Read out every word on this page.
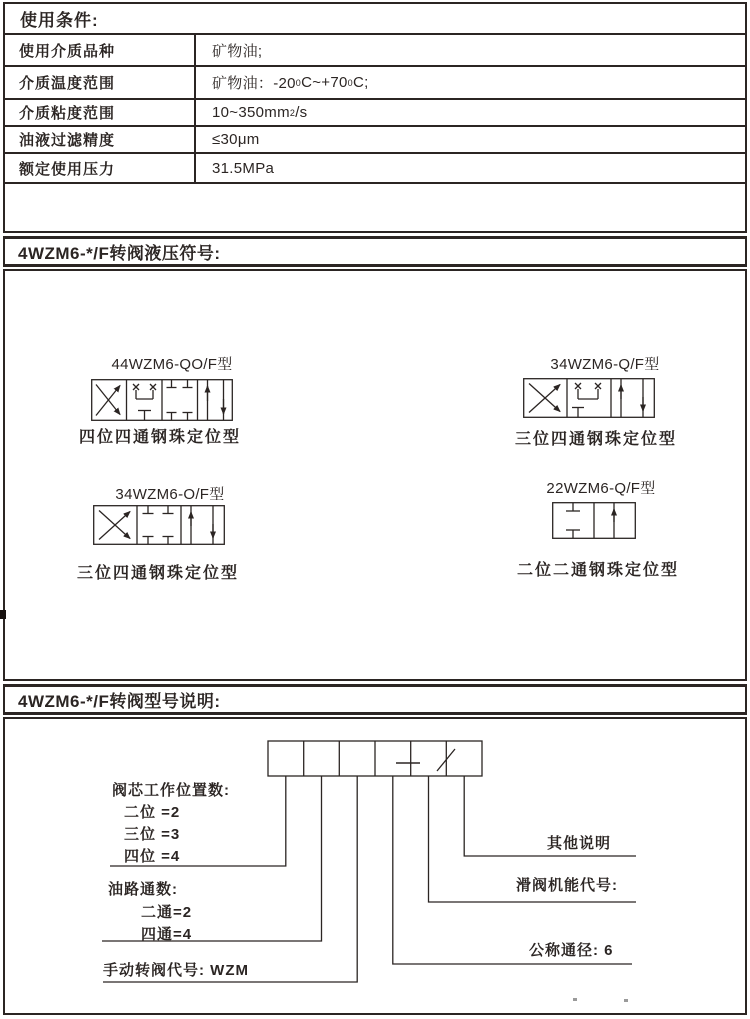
使用条件:
使用介质品种	矿物油;
介质温度范围	矿物油：-20 0 C~+70 0 C;
介质粘度范围	10~350mm 2 /s
油液过滤精度	≤30μm
额定使用压力	31.5MPa
4WZM6-*/F转阀液压符号:
44WZM6-QO/F型
四位四通钢珠定位型
34WZM6-Q/F型
三位四通钢珠定位型
34WZM6-O/F型
三位四通钢珠定位型
22WZM6-Q/F型
二位二通钢珠定位型
4WZM6-*/F转阀型号说明:
阀芯工作位置数:
二位 =2
三位 =3
四位 =4
油路通数:
二通=2
四通=4
手动转阀代号: WZM
其他说明
滑阀机能代号:
公称通径: 6
